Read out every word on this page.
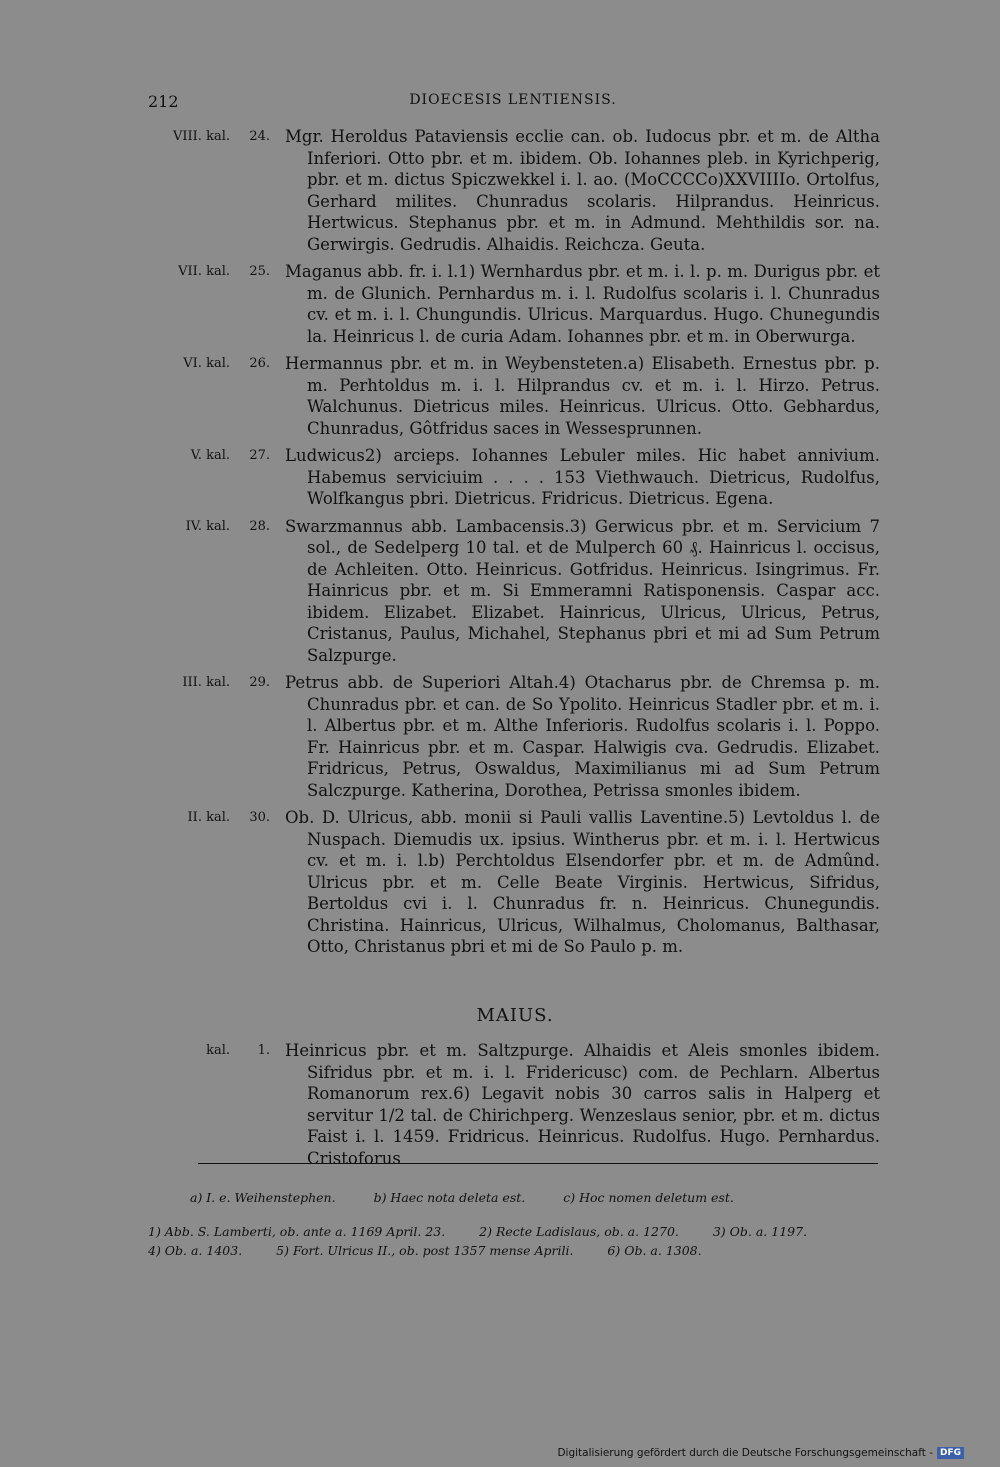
212	DIOECESIS LENTIENSIS.
VIII. kal.	24. Mgr. Heroldus Pataviensis ecclie can. ob. Iudocus pbr. et m. de Altha Inferiori. Otto pbr. et m. ibidem. Ob. Iohannes pleb. in Kyrichperig, pbr. et m. dictus Spiczwekkel i. l. ao. (MoCCCCo)XXVIIIIo. Ortolfus, Gerhard milites. Chunradus scolaris. Hilprandus. Heinricus. Hertwicus. Stephanus pbr. et m. in Admund. Mehthildis sor. na. Gerwirgis. Gedrudis. Alhaidis. Reichcza. Geuta.
VII. kal.	25. Maganus abb. fr. i. l.1) Wernhardus pbr. et m. i. l. p. m. Durigus pbr. et m. de Glunich. Pernhardus m. i. l. Rudolfus scolaris i. l. Chunradus cv. et m. i. l. Chungundis. Ulricus. Marquardus. Hugo. Chunegundis la. Heinricus l. de curia Adam. Iohannes pbr. et m. in Oberwurga.
VI. kal.	26. Hermannus pbr. et m. in Weybensteten.a) Elisabeth. Ernestus pbr. p. m. Perhtoldus m. i. l. Hilprandus cv. et m. i. l. Hirzo. Petrus. Walchunus. Dietricus miles. Heinricus. Ulricus. Otto. Gebhardus, Chunradus, Gôtfridus saces in Wessesprunnen.
V. kal.	27. Ludwicus2) arcieps. Iohannes Lebuler miles. Hic habet annivium. Habemus serviciuim . . . . 153 Viethwauch. Dietricus, Rudolfus, Wolfkangus pbri. Dietricus. Fridricus. Dietricus. Egena.
IV. kal.	28. Swarzmannus abb. Lambacensis.3) Gerwicus pbr. et m. Servicium 7 sol., de Sedelperg 10 tal. et de Mulperch 60 ₰. Hainricus l. occisus, de Achleiten. Otto. Heinricus. Gotfridus. Heinricus. Isingrimus. Fr. Hainricus pbr. et m. Si Emmeramni Ratisponensis. Caspar acc. ibidem. Elizabet. Elizabet. Hainricus, Ulricus, Ulricus, Petrus, Cristanus, Paulus, Michahel, Stephanus pbri et mi ad Sum Petrum Salzpurge.
III. kal.	29. Petrus abb. de Superiori Altah.4) Otacharus pbr. de Chremsa p. m. Chunradus pbr. et can. de So Ypolito. Heinricus Stadler pbr. et m. i. l. Albertus pbr. et m. Althe Inferioris. Rudolfus scolaris i. l. Poppo. Fr. Hainricus pbr. et m. Caspar. Halwigis cva. Gedrudis. Elizabet. Fridricus, Petrus, Oswaldus, Maximilianus mi ad Sum Petrum Salczpurge. Katherina, Dorothea, Petrissa smonles ibidem.
II. kal.	30. Ob. D. Ulricus, abb. monii si Pauli vallis Laventine.5) Levtoldus l. de Nuspach. Diemudis ux. ipsius. Wintherus pbr. et m. i. l. Hertwicus cv. et m. i. l.b) Perchtoldus Elsendorfer pbr. et m. de Admûnd. Ulricus pbr. et m. Celle Beate Virginis. Hertwicus, Sifridus, Bertoldus cvi i. l. Chunradus fr. n. Heinricus. Chunegundis. Christina. Hainricus, Ulricus, Wilhalmus, Cholomanus, Balthasar, Otto, Christanus pbri et mi de So Paulo p. m.
MAIUS.
kal.	1. Heinricus pbr. et m. Saltzpurge. Alhaidis et Aleis smonles ibidem. Sifridus pbr. et m. i. l. Fridericusc) com. de Pechlarn. Albertus Romanorum rex.6) Legavit nobis 30 carros salis in Halperg et servitur 1/2 tal. de Chirichperg. Wenzeslaus senior, pbr. et m. dictus Faist i. l. 1459. Fridricus. Heinricus. Rudolfus. Hugo. Pernhardus. Cristoforus
a) I. e. Weihenstephen.	b) Haec nota deleta est.	c) Hoc nomen deletum est.
1) Abb. S. Lamberti, ob. ante a. 1169 April. 23.	2) Recte Ladislaus, ob. a. 1270.	3) Ob. a. 1197.
4) Ob. a. 1403.	5) Fort. Ulricus II., ob. post 1357 mense Aprili.	6) Ob. a. 1308.
Digitalisierung gefördert durch die Deutsche Forschungsgemeinschaft - DFG
